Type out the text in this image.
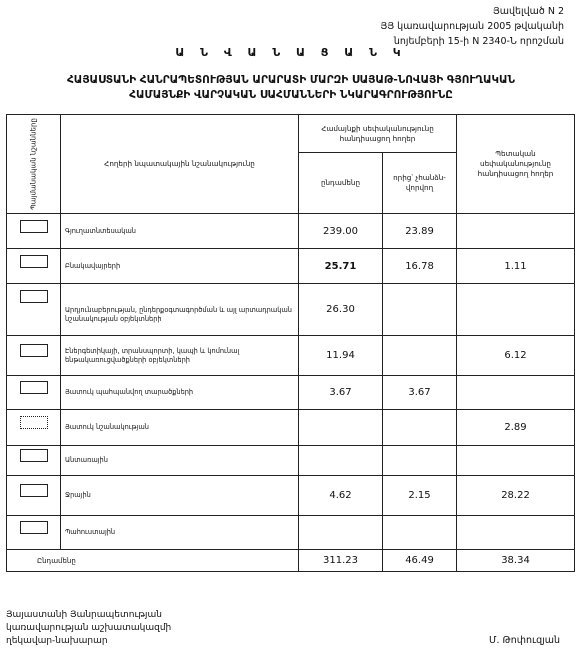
Յավելված N 2
ՅՅ կառավարության 2005 թվականի
նոյեմբերի 15-ի N 2340-Ն որոշման
Ա Ն Վ Ա Ն Ա Ց Ա Ն Կ
ՀԱՅԱՍՏԱՆԻ ՀԱՆՐԱՊԵՏՈՒԹՅԱՆ ԱՐԱՐԱՏԻ ՄԱՐԶԻ ՍԱՅԱԹ-ՆՈՎԱՅԻ ԳՅՈՒՂԱԿԱՆ
ՀԱՄԱՅՆՔԻ ՎԱՐՉԱԿԱՆ ՍԱՀՄԱՆՆԵՐԻ ՆԿԱՐԱԳՐՈՒԹՅՈՒՆԸ
Պայմանական նշանները	Հողերի նպատակային նշանակությունը	Համայնքի սեփականությունը հանդիսացող հողեր		Պետական սեփականությունը հանդիսացող հողեր
		ընդամենը	որից՝ չհանձն-վորվող	
	Գյուղատնտեսական	239.00	23.89	
	Բնակավայրերի	25.71	16.78	1.11
	Արդյունաբերության, ընդերքօգտագործման և այլ արտադրական նշանակության օբյեկտների	26.30		
	Էներգետիկայի, տրանսպորտի, կապի և կոմունալ ենթակառուցվածքների օբյեկտների	11.94		6.12
	Յատուկ պահպանվող տարածքների	3.67	3.67	
	Յատուկ նշանակության			2.89
	Անտառային			
	Ջրային	4.62	2.15	28.22
	Պահուստային			
Ընդամենը		311.23	46.49	38.34
Յայաստանի Յանրապետության
կառավարության աշխատակազմի
ղեկավար-նախարար	Մ. Թոփուզյան
